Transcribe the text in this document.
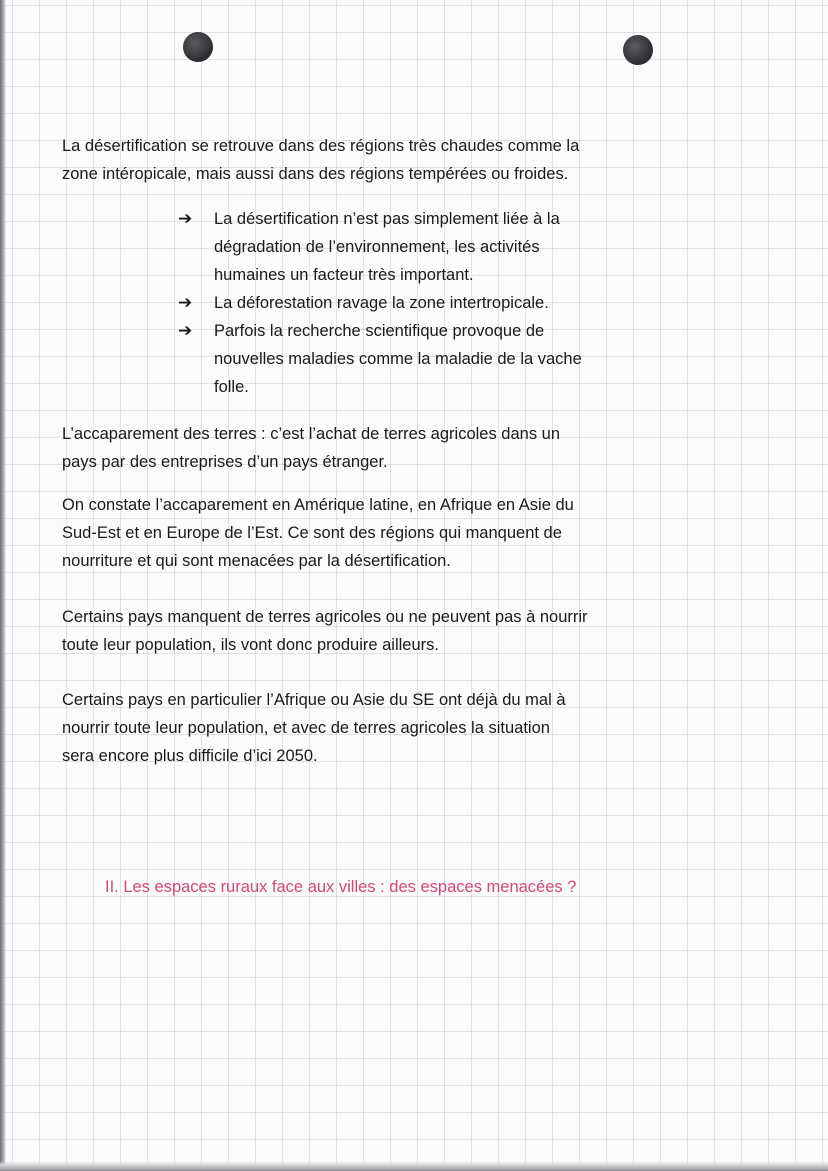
La désertification se retrouve dans des régions très chaudes comme la
zone intéropicale, mais aussi dans des régions tempérées ou froides.
➔ La désertification n’est pas simplement liée à la
dégradation de l’environnement, les activités
humaines un facteur très important.
➔ La déforestation ravage la zone intertropicale.
➔ Parfois la recherche scientifique provoque de
nouvelles maladies comme la maladie de la vache
folle.
L’accaparement des terres : c’est l’achat de terres agricoles dans un
pays par des entreprises d’un pays étranger.
On constate l’accaparement en Amérique latine, en Afrique en Asie du
Sud-Est et en Europe de l’Est. Ce sont des régions qui manquent de
nourriture et qui sont menacées par la désertification.
Certains pays manquent de terres agricoles ou ne peuvent pas à nourrir
toute leur population, ils vont donc produire ailleurs.
Certains pays en particulier l’Afrique ou Asie du SE ont déjà du mal à
nourrir toute leur population, et avec de terres agricoles la situation
sera encore plus difficile d’ici 2050.
II. Les espaces ruraux face aux villes : des espaces menacées ?
